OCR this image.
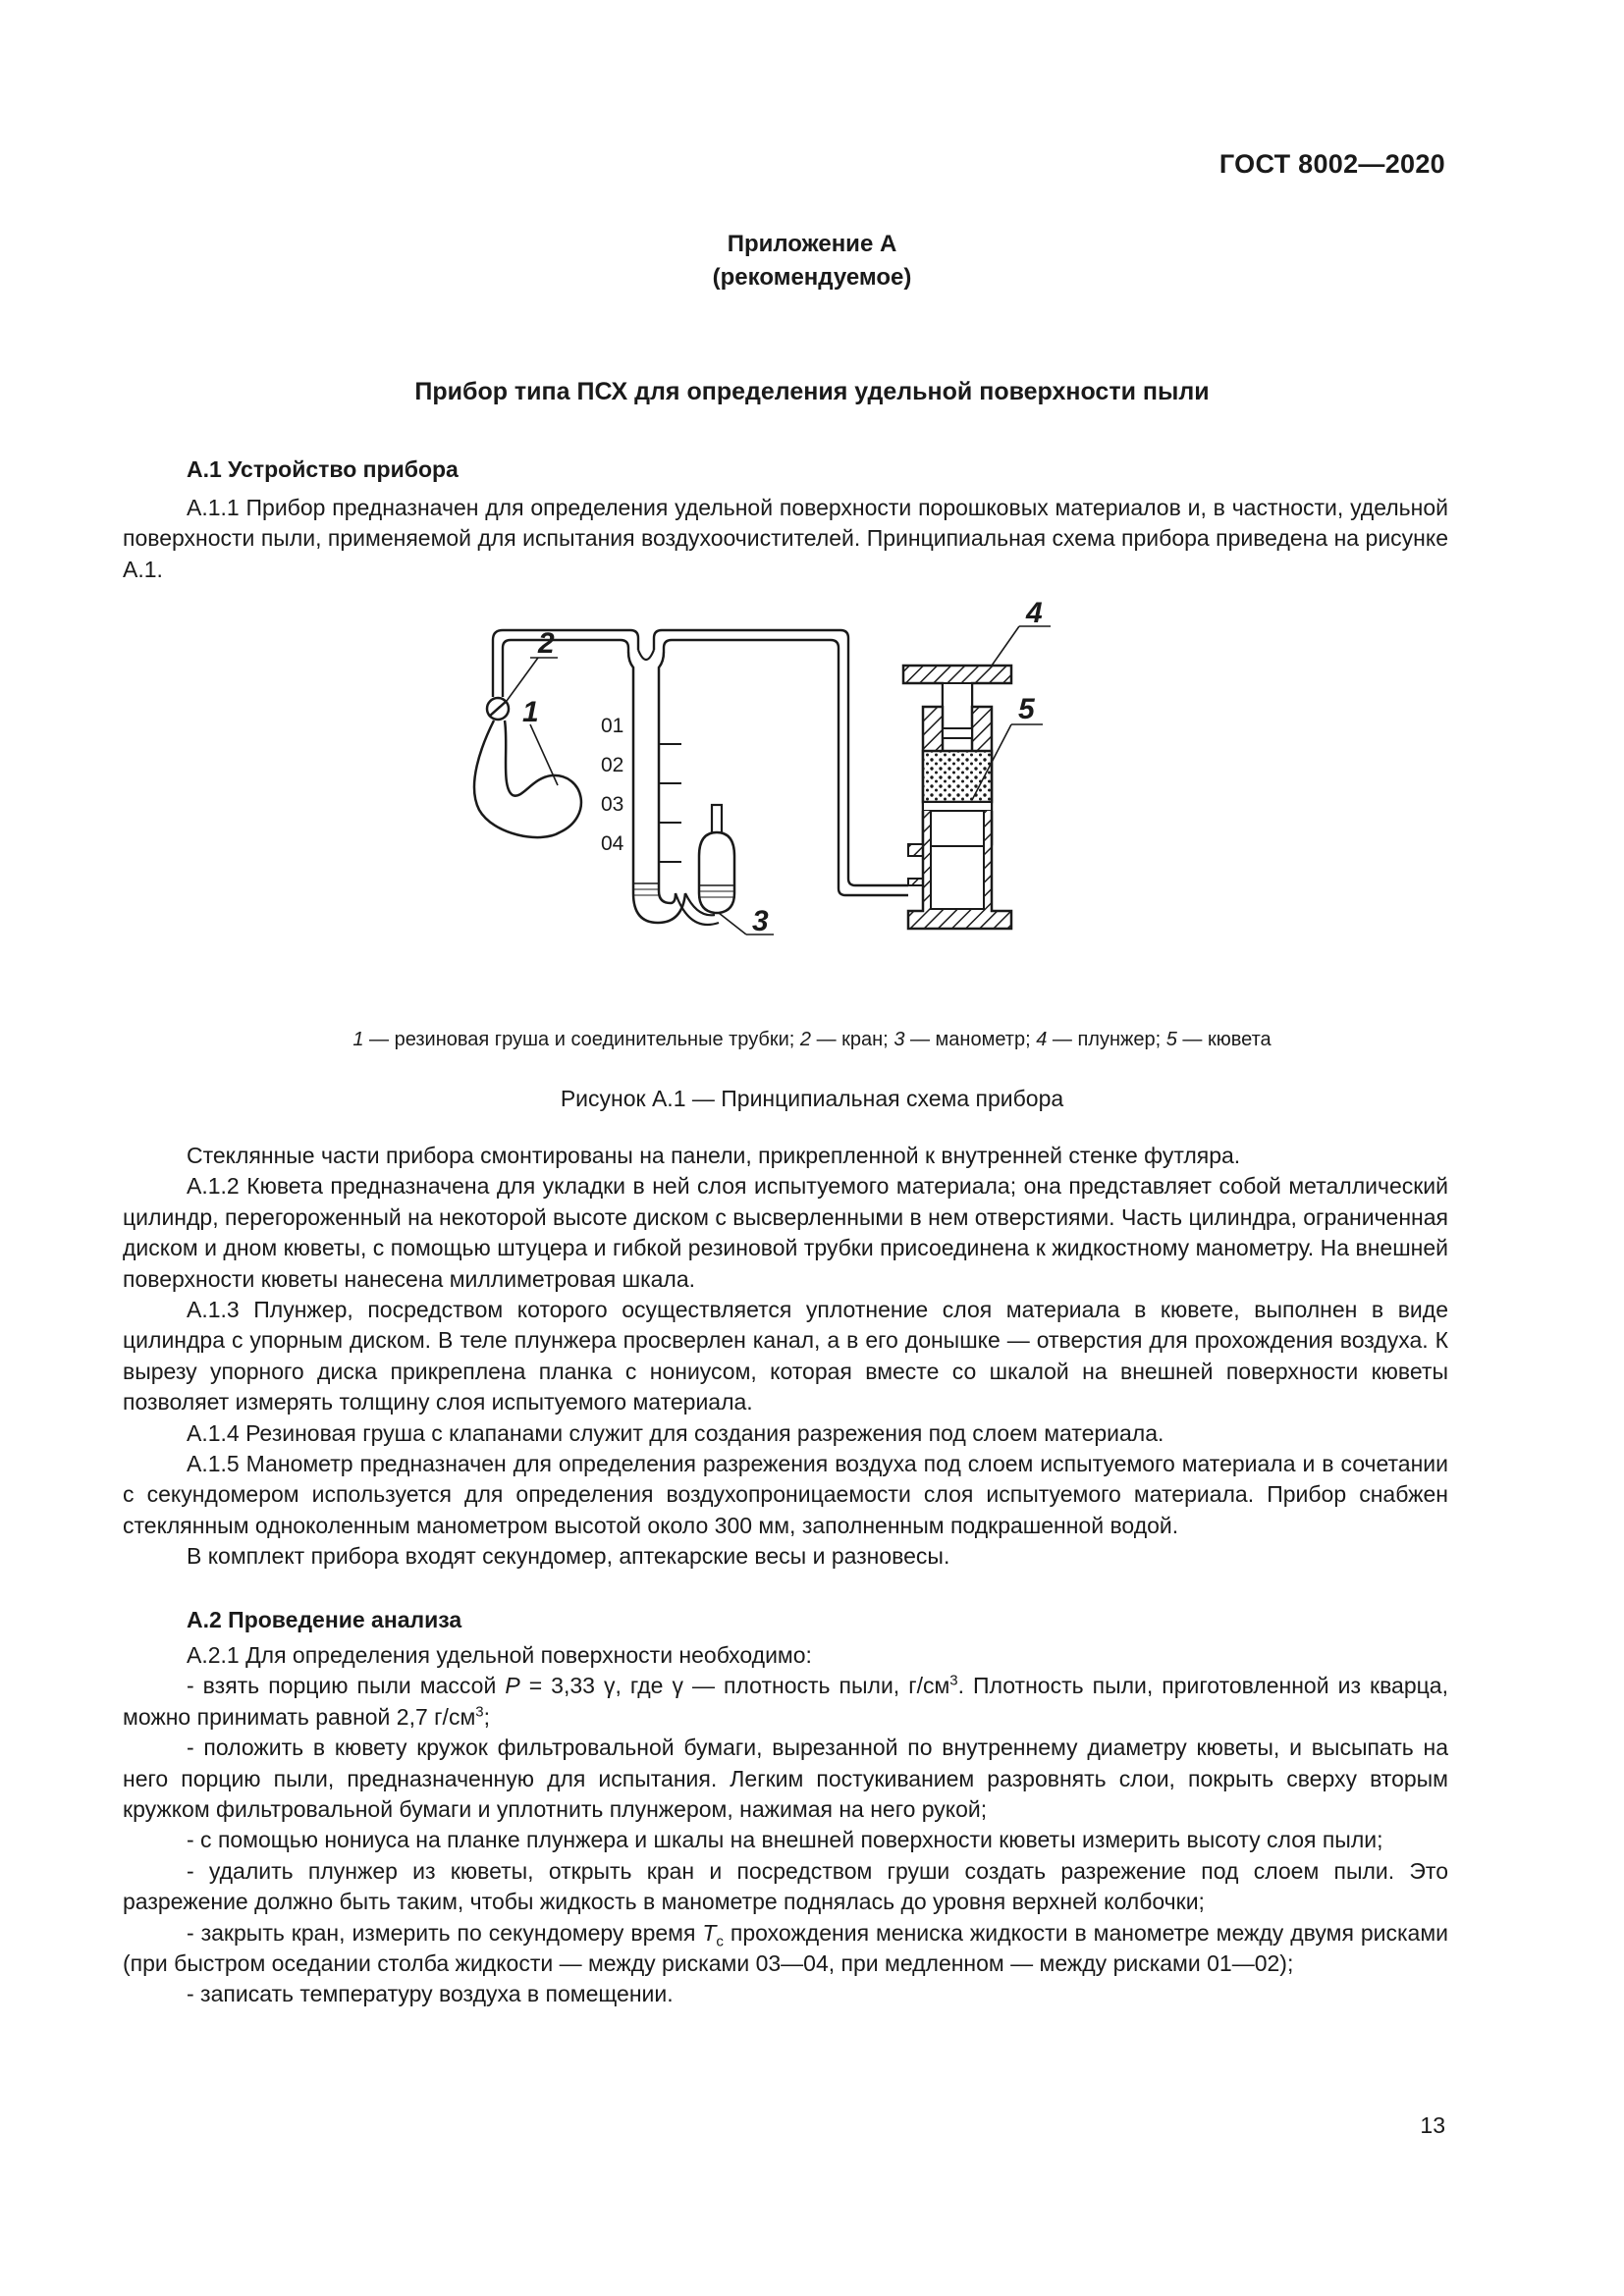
ГОСТ 8002—2020
Приложение А
(рекомендуемое)
Прибор типа ПСХ для определения удельной поверхности пыли
А.1 Устройство прибора

А.1.1 Прибор предназначен для определения удельной поверхности порошковых материалов и, в частности, удельной поверхности пыли, применяемой для испытания воздухоочистителей. Принципиальная схема прибора приведена на рисунке А.1.

01
02
03
04
2
1
3
4
5
1 — резиновая груша и соединительные трубки; 2 — кран; 3 — манометр; 4 — плунжер; 5 — кювета
Рисунок А.1 — Принципиальная схема прибора

Стеклянные части прибора смонтированы на панели, прикрепленной к внутренней стенке футляра.

А.1.2 Кювета предназначена для укладки в ней слоя испытуемого материала; она представляет собой металлический цилиндр, перегороженный на некоторой высоте диском с высверленными в нем отверстиями. Часть цилиндра, ограниченная диском и дном кюветы, с помощью штуцера и гибкой резиновой трубки присоединена к жидкостному манометру. На внешней поверхности кюветы нанесена миллиметровая шкала.

А.1.3 Плунжер, посредством которого осуществляется уплотнение слоя материала в кювете, выполнен в виде цилиндра с упорным диском. В теле плунжера просверлен канал, а в его донышке — отверстия для прохождения воздуха. К вырезу упорного диска прикреплена планка с нониусом, которая вместе со шкалой на внешней поверхности кюветы позволяет измерять толщину слоя испытуемого материала.

А.1.4 Резиновая груша с клапанами служит для создания разрежения под слоем материала.

А.1.5 Манометр предназначен для определения разрежения воздуха под слоем испытуемого материала и в сочетании с секундомером используется для определения воздухопроницаемости слоя испытуемого материала. Прибор снабжен стеклянным одноколенным манометром высотой около 300 мм, заполненным подкрашенной водой.

В комплект прибора входят секундомер, аптекарские весы и разновесы.

А.2 Проведение анализа

А.2.1 Для определения удельной поверхности необходимо:

- взять порцию пыли массой P = 3,33 γ, где γ — плотность пыли, $г/см^3$. Плотность пыли, приготовленной из кварца, можно принимать равной 2,7 $г/см^3$;

- положить в кювету кружок фильтровальной бумаги, вырезанной по внутреннему диаметру кюветы, и высыпать на него порцию пыли, предназначенную для испытания. Легким постукиванием разровнять слои, покрыть сверху вторым кружком фильтровальной бумаги и уплотнить плунжером, нажимая на него рукой;

- с помощью нониуса на планке плунжера и шкалы на внешней поверхности кюветы измерить высоту слоя пыли;

- удалить плунжер из кюветы, открыть кран и посредством груши создать разрежение под слоем пыли. Это разрежение должно быть таким, чтобы жидкость в манометре поднялась до уровня верхней колбочки;

- закрыть кран, измерить по секундомеру время $T_c$ прохождения мениска жидкости в манометре между двумя рисками (при быстром оседании столба жидкости — между рисками 03—04, при медленном — между рисками 01—02);

- записать температуру воздуха в помещении.

13
